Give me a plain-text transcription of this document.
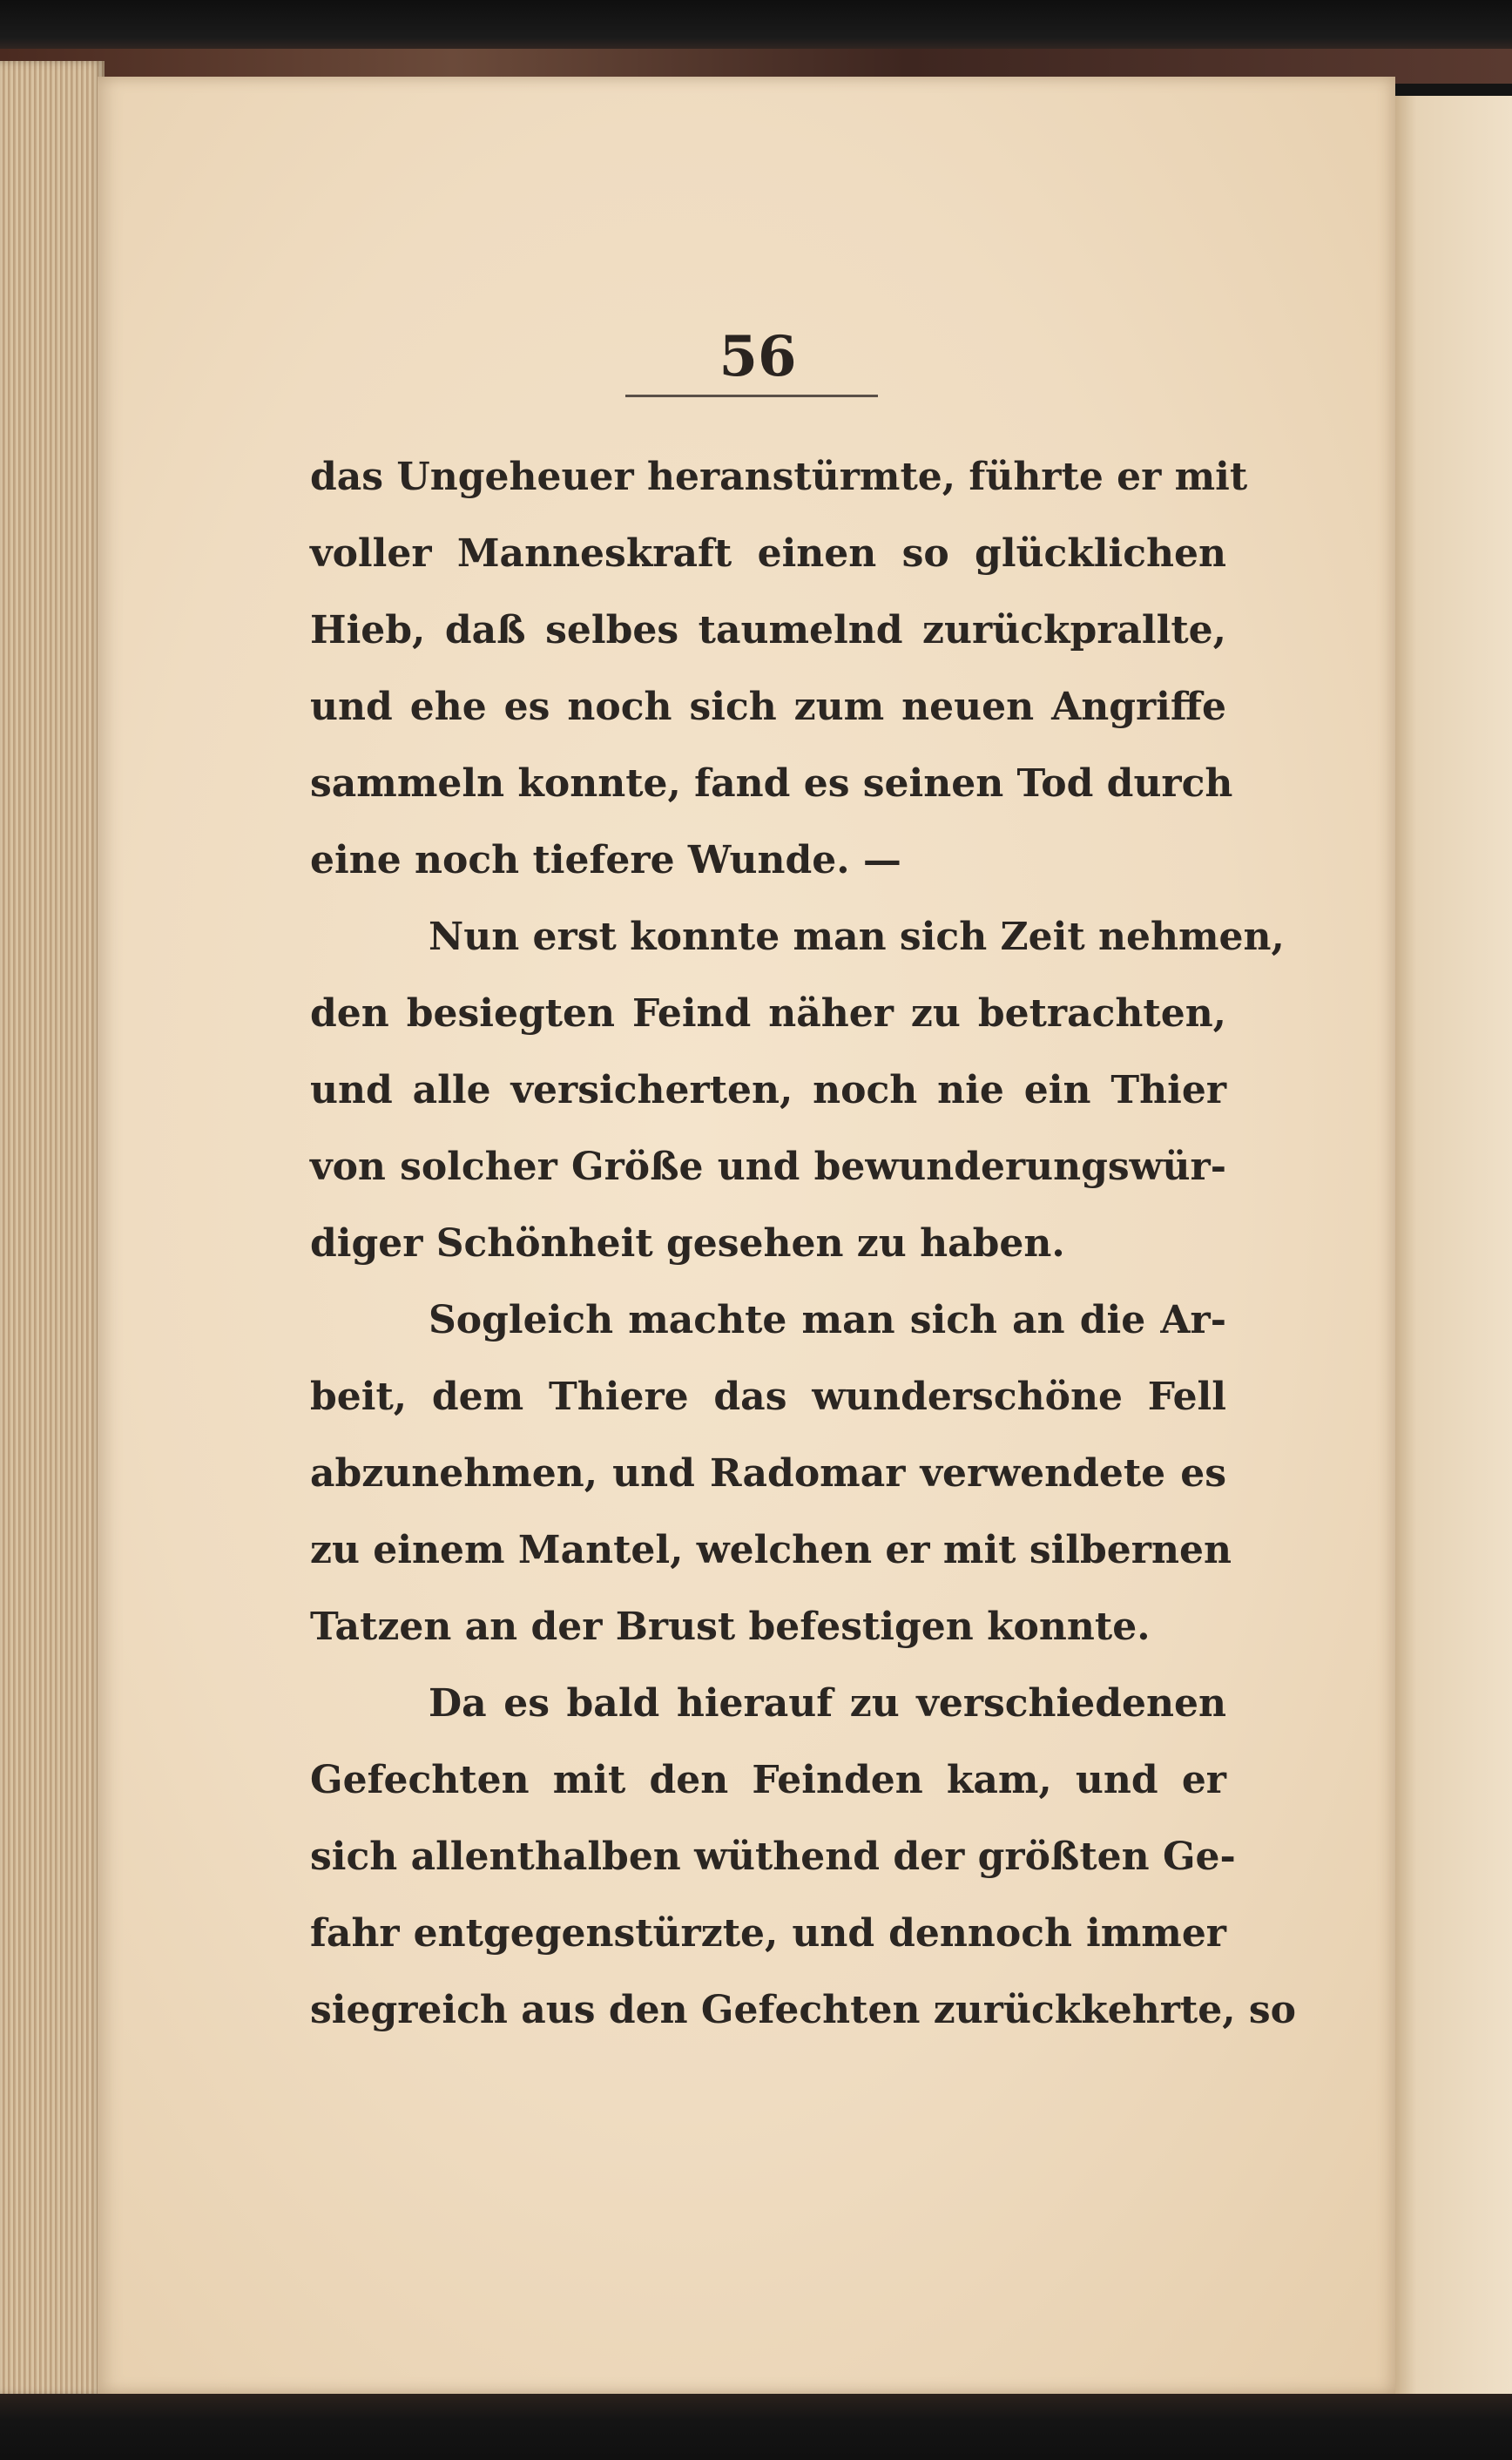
56
das Ungeheuer heranstürmte, führte er mit
voller Manneskraft einen so glücklichen
Hieb, daß selbes taumelnd zurückprallte,
und ehe es noch sich zum neuen Angriffe
sammeln konnte, fand es seinen Tod durch
eine noch tiefere Wunde. —
Nun erst konnte man sich Zeit nehmen,
den besiegten Feind näher zu betrachten,
und alle versicherten, noch nie ein Thier
von solcher Größe und bewunderungswür-
diger Schönheit gesehen zu haben.
Sogleich machte man sich an die Ar-
beit, dem Thiere das wunderschöne Fell
abzunehmen, und Radomar verwendete es
zu einem Mantel, welchen er mit silbernen
Tatzen an der Brust befestigen konnte.
Da es bald hierauf zu verschiedenen
Gefechten mit den Feinden kam, und er
sich allenthalben wüthend der größten Ge-
fahr entgegenstürzte, und dennoch immer
siegreich aus den Gefechten zurückkehrte, so
